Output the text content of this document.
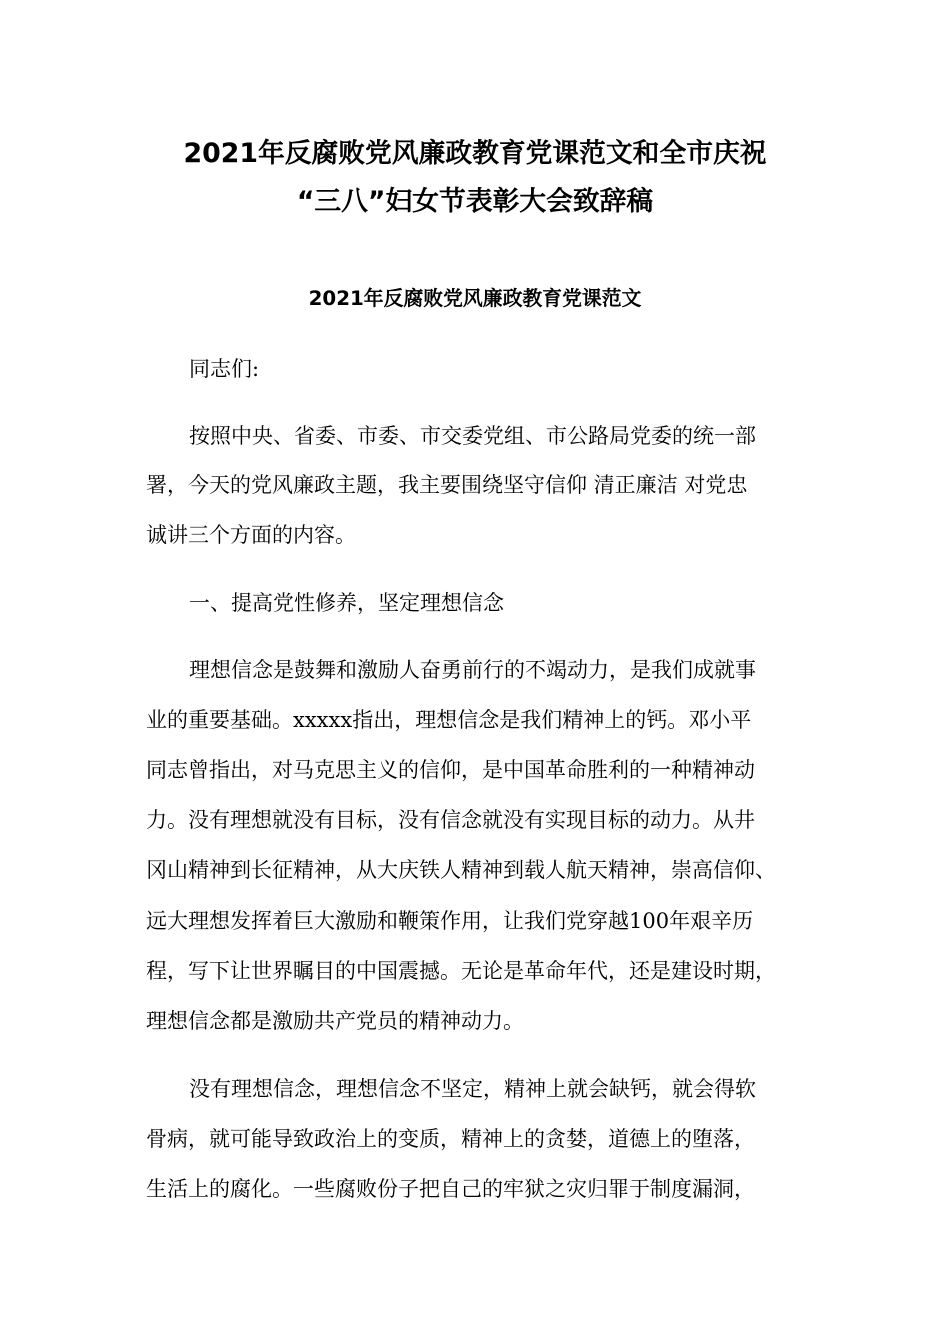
2021年反腐败党风廉政教育党课范文和全市庆祝
“三八”妇女节表彰大会致辞稿
2021年反腐败党风廉政教育党课范文
同志们:
按照中央、省委、市委、市交委党组、市公路局党委的统一部
署，今天的党风廉政主题，我主要围绕坚守信仰 清正廉洁 对党忠
诚讲三个方面的内容。
一、提高党性修养，坚定理想信念
理想信念是鼓舞和激励人奋勇前行的不竭动力，是我们成就事
业的重要基础。xxxxx指出，理想信念是我们精神上的钙。邓小平
同志曾指出，对马克思主义的信仰，是中国革命胜利的一种精神动
力。没有理想就没有目标，没有信念就没有实现目标的动力。从井
冈山精神到长征精神，从大庆铁人精神到载人航天精神，崇高信仰、
远大理想发挥着巨大激励和鞭策作用，让我们党穿越100年艰辛历
程，写下让世界瞩目的中国震撼。无论是革命年代，还是建设时期，
理想信念都是激励共产党员的精神动力。
没有理想信念，理想信念不坚定，精神上就会缺钙，就会得软
骨病，就可能导致政治上的变质，精神上的贪婪，道德上的堕落，
生活上的腐化。一些腐败份子把自己的牢狱之灾归罪于制度漏洞，
